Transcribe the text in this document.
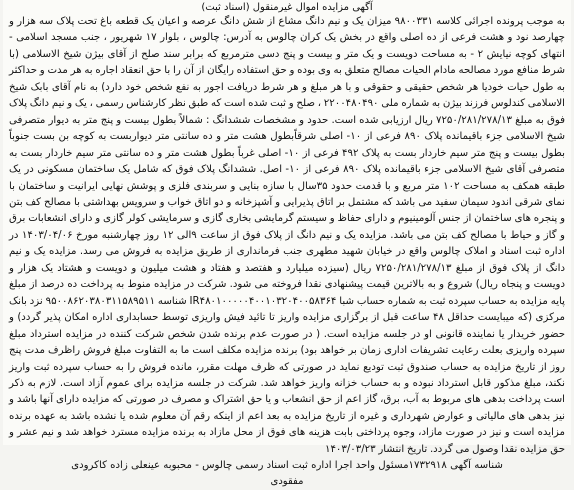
آگهی مزایده اموال غیرمنقول (اسناد ثبت)

به موجب پرونده اجرائی کلاسه ۹۸۰۰۳۳۱ میزان یک و نیم دانگ مشاع از شش دانگ عرصه و اعیان یک قطعه باغ تحت پلاک سه هزار و چهارصد نود و هشت فرعی از ده اصلی واقع در بخش یک کران چالوس به آدرس: چالوس ، بلوار ۱۷ شهریور ، جنب مسجد اسلامی - انتهای کوچه نیایش ۲ - به مساحت دویست و یک متر و بیست و پنج دسی مترمربع که برابر سند صلح از آقای بیژن شیخ الاسلامی (با شرط منافع مورد مصالحه مادام الحیات مصالح متعلق به وی بوده و حق استفاده رایگان از آن را با حق انعقاد اجاره به هر مدت و حداکثر به طول حیات خودیا هر شخص حقیقی و حقوقی و با هر مبلغ و هر شرط دریافت اجور به نفع شخص خود دارد) به نام آقای بابک شیخ الاسلامی کندلوس فرزند بیژن به شماره ملی ۲۲۰۰۴۸۰۴۹۰ ، صلح و ثبت شده است که طبق نظر کارشناس رسمی ، یک و نیم دانگ پلاک فوق به مبلغ ۷۲۵۰/۲۸۱/۲۷۸/۱۳ ریال ارزیابی شده است. حدود و مشخصات ششدانگ : شمالاً بطول بیست و پنج متر به دیوار متصرفی شیخ الاسلامی جزء باقیمانده پلاک ۸۹۰ فرعی از ۱۰- اصلی شرقاًبطول هشت متر و ده سانتی متر دیواربست به کوچه بن بست جنوباً بطول بیست و پنج متر سیم خاردار بست به پلاک ۴۹۲ فرعی از ۱۰- اصلی غرباً بطول هشت متر و ده سانتی متر سیم خاردار بست به متصرفی آقای شیخ الاسلامی جزء باقیمانده پلاک ۸۹۰ فرعی از ۱۰- اصل. ششدانگ پلاک فوق که شامل یک ساختمان مسکونی در یک طبقه همکف به مساحت ۱۰۲ متر مربع و با قدمت حدود ۳۵سال با سازه بنایی و سربندی فلزی و پوشش نهایی ایرانیت و ساختمان با نمای شرقی اندود سیمان سفید می باشد که مشتمل بر اتاق پذیرایی و آشپزخانه و دو اتاق خواب و سرویس بهداشتی با مصالح کف بتن و پنجره های ساختمان از جنس آلومینیوم و دارای حفاظ و سیستم گرمایشی بخاری گازی و سرمایشی کولر گازی و دارای انشعابات برق و گاز و حیاط با مصالح کف بتن می باشد. مزایده یک و نیم دانگ از پلاک فوق از ساعت ۹الی ۱۲ روز چهارشنبه مورخ ۱۴۰۳/۰۴/۰۶ در اداره ثبت اسناد و املاک چالوس واقع در خیابان شهید مطهری جنب فرمانداری از طریق مزایده به فروش می رسد. مزایده یک و نیم دانگ از پلاک فوق از مبلغ ۷۲۵۰/۲۸۱/۲۷۸/۱۳ ریال (سیزده میلیارد و هفتصد و هفتاد و هشت میلیون و دویست و هشتاد یک هزار و دویست و پنجاه ریال) شروع و به بالاترین قیمت پیشنهادی نقدا فروخته می شود. شرکت در مزایده منوط به پرداخت ده درصد از مبلغ پایه مزایده به حساب سپرده ثبت به شماره حساب شبا IR۴۸۰۱۰۰۰۰۰۴۰۰۱۰۳۲۰۴۰۰۵۸۳۶۴ شناسه ۹۵۰۰۸۶۲۰۳۸۰۳۱۱۵۸۹۵۱۱ نزد بانک مرکزی (که میبایست حداقل ۴۸ ساعت قبل از برگزاری مزایده واریز تا تائید فیش واریزی توسط حسابداری اداره امکان پذیر گردد) و حضور خریدار یا نماینده قانونی او در جلسه مزایده است. ( در صورت عدم برنده شدن شخص شرکت کننده در مزایده استرداد مبلغ سپرده واریزی بعلت رعایت تشریفات اداری زمان بر خواهد بود) برنده مزایده مکلف است ما به التفاوت مبلغ فروش راظرف مدت پنج روز از تاریخ مزایده به حساب صندوق ثبت تودیع نماید در صورتی که ظرف مهلت مقرر، مانده فروش را به حساب سپرده ثبت واریز نکند، مبلغ مذکور قابل استرداد نبوده و به حساب خزانه واریز خواهد شد. شرکت در جلسه مزایده برای عموم آزاد است. لازم به ذکر است پرداخت بدهی های مربوط به آب، برق، گاز اعم از حق انشعاب و یا حق اشتراک و مصرف در صورتی که مزایده دارای آنها باشد و نیز بدهی های مالیاتی و عوارض شهرداری و غیره از تاریخ مزایده به بعد اعم از اینکه رقم آن معلوم شده یا نشده باشد به عهده برنده مزایده است و نیز در صورت مازاد، وجوه پرداختی بابت هزینه های فوق از محل مازاد به برنده مزایده مسترد خواهد شد و نیم عشر و حق مزایده نقدا وصول می گردد. تاریخ انتشار ۱۴۰۳/۰۳/۲۳

شناسه آگهی ۱۷۳۲۹۱۸مسئول واحد اجرا اداره ثبت اسناد رسمی چالوس - محبوبه عینعلی زاده کاکرودی
مفقودی
